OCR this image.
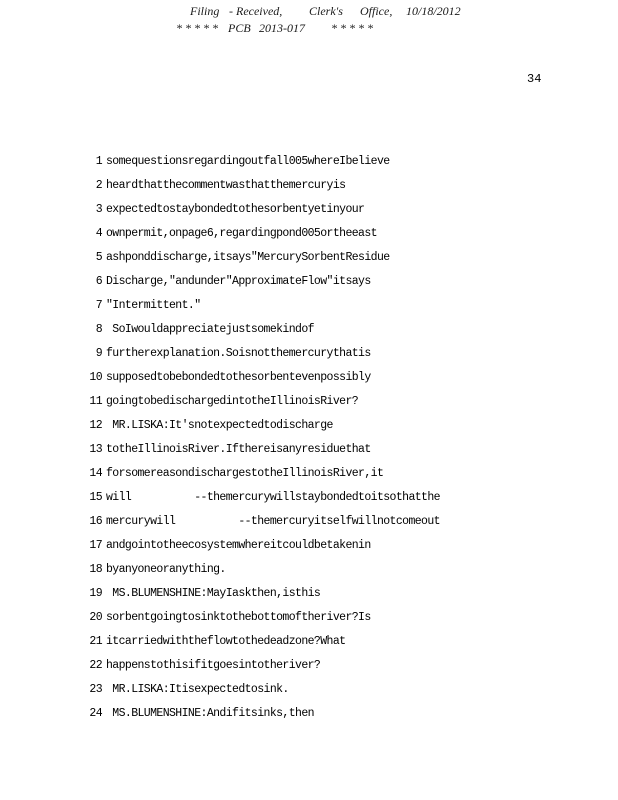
Filing - Received, Clerk's Office, 10/18/2012
* * * * * PCB 2013-017 * * * * *
34
1 somequestionsregardingoutfall005whereIbelieve
2 heardthatthecommentwasthatthemercuryis
3 expectedtostaybondedtothesorbentyetinyour
4 ownpermit,onpage6,regardingpond005ortheeast
5 ashponddischarge,itsays"MercurySorbentResidue
6 Discharge,"andunder"ApproximateFlow"itsays
7 "Intermittent."
8 SoIwouldappreciatejustsomekindof
9 furtherexplanation.Soisnotthemercurythatis
10 supposedtobebondedtothesorbentevenpossibly
11 goingtobedischargedintotheIllinoisRiver?
12 MR.LISKA:It'snotexpectedtodischarge
13 totheIllinoisRiver.Ifthereisanyresiduethat
14 forsomereasondischargestotheIllinoisRiver,it
15 will          --themercurywillstaybondedtoitsothatthe
16 mercurywill          --themercuryitselfwillnotcomeout
17 andgointotheecosystemwhereitcouldbetakenin
18 byanyoneoranything.
19 MS.BLUMENSHINE:MayIaskthen,isthis
20 sorbentgoingtosinktothebottomoftheriver?Is
21 itcarriedwiththeflowtothedeadzone?What
22 happenstothisifitgoesintotheriver?
23 MR.LISKA:Itisexpectedtosink.
24 MS.BLUMENSHINE:Andifitsinks,then
